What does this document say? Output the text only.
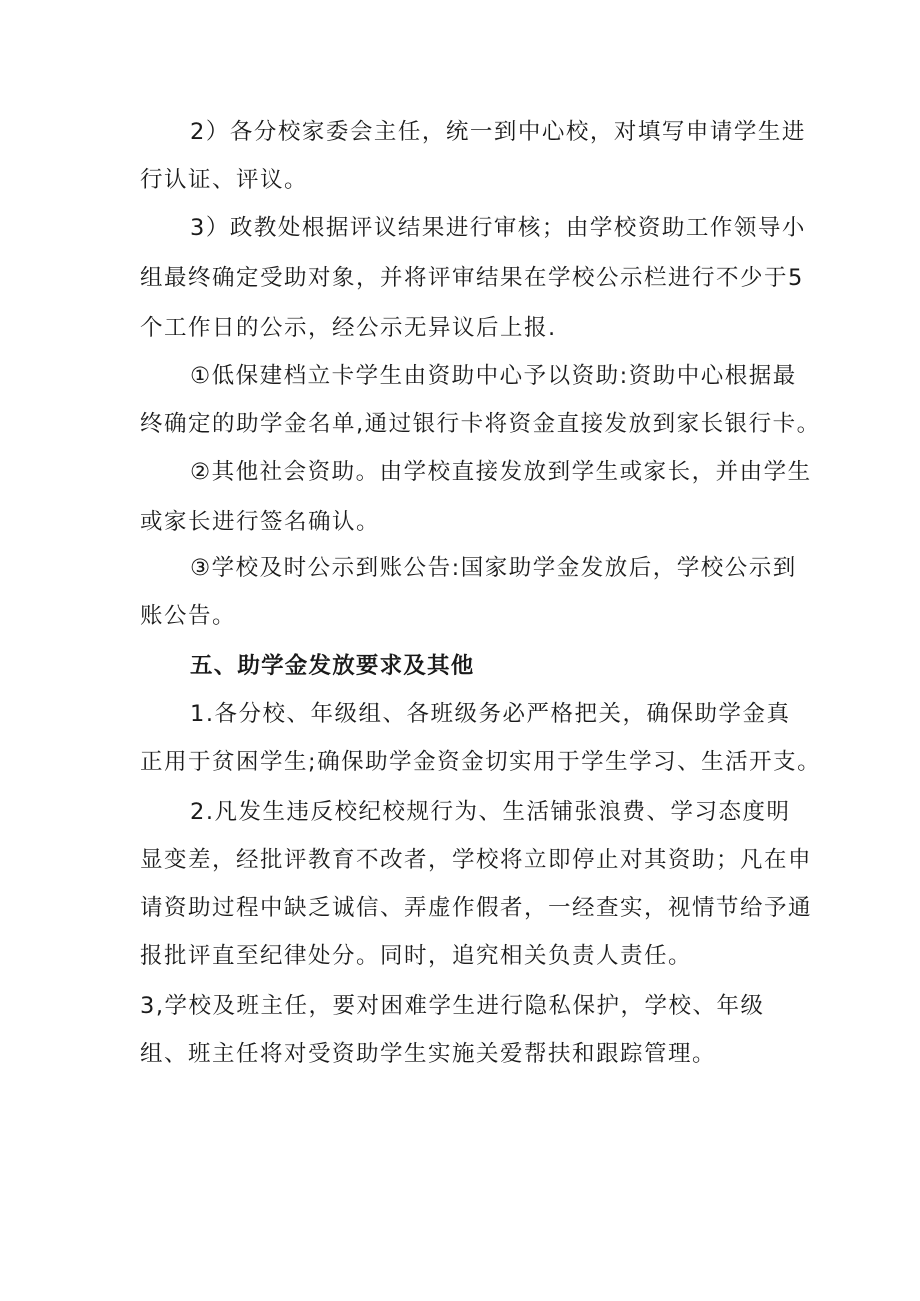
2）各分校家委会主任，统一到中心校，对填写申请学生进

行认证、评议。

3）政教处根据评议结果进行审核；由学校资助工作领导小

组最终确定受助对象，并将评审结果在学校公示栏进行不少于5

个工作日的公示，经公示无异议后上报.

①低保建档立卡学生由资助中心予以资助:资助中心根据最

终确定的助学金名单,通过银行卡将资金直接发放到家长银行卡。

②其他社会资助。由学校直接发放到学生或家长，并由学生

或家长进行签名确认。

③学校及时公示到账公告:国家助学金发放后，学校公示到

账公告。

五、助学金发放要求及其他

1.各分校、年级组、各班级务必严格把关，确保助学金真

正用于贫困学生;确保助学金资金切实用于学生学习、生活开支。

2.凡发生违反校纪校规行为、生活铺张浪费、学习态度明

显变差，经批评教育不改者，学校将立即停止对其资助；凡在申

请资助过程中缺乏诚信、弄虚作假者，一经查实，视情节给予通

报批评直至纪律处分。同时，追究相关负责人责任。

3,学校及班主任，要对困难学生进行隐私保护，学校、年级

组、班主任将对受资助学生实施关爱帮扶和跟踪管理。
